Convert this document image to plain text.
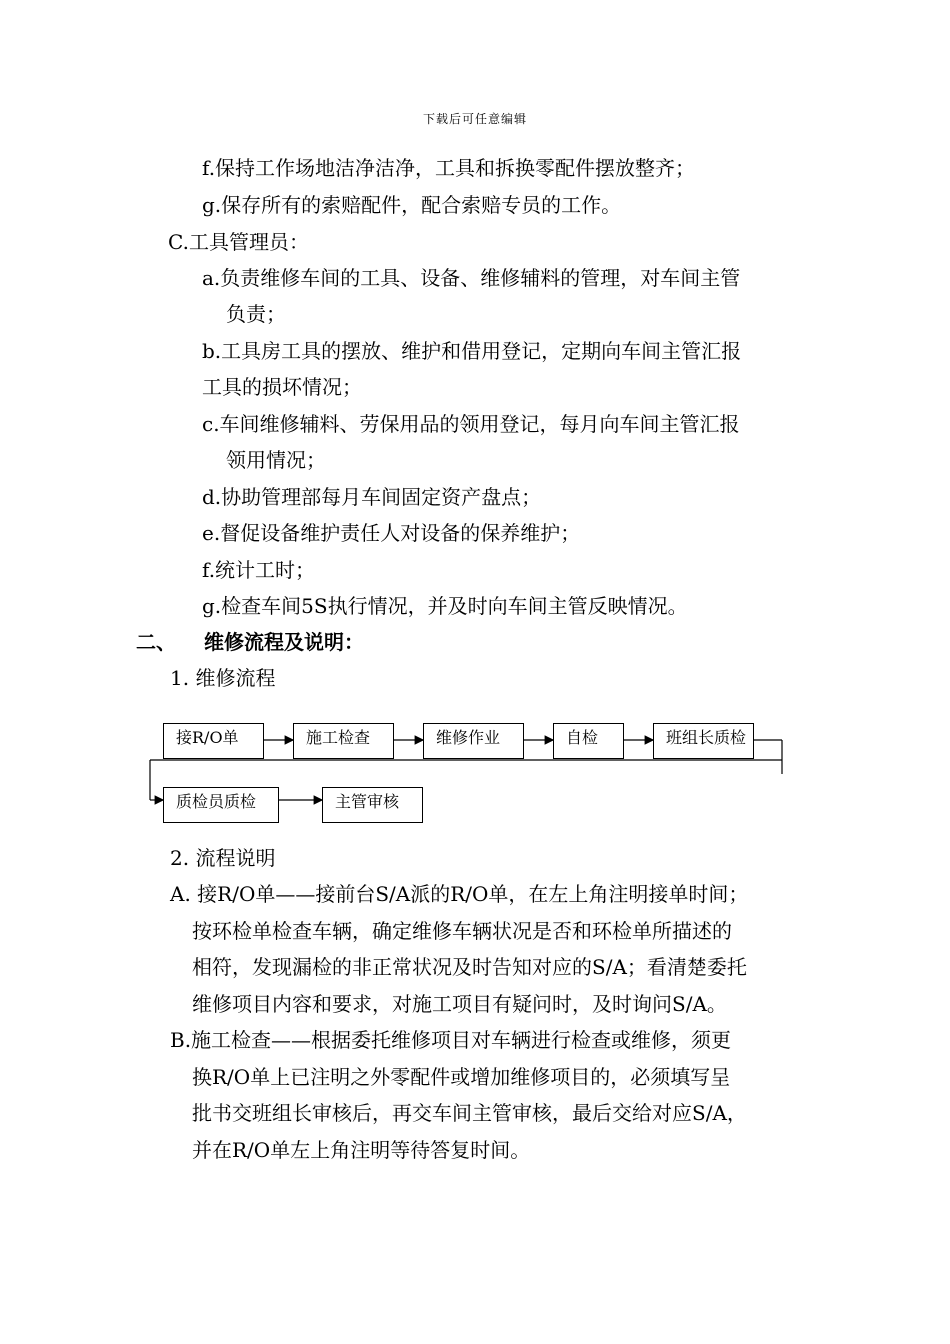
下载后可任意编辑
f.保持工作场地洁净洁净，工具和拆换零配件摆放整齐；
g.保存所有的索赔配件，配合索赔专员的工作。
C.工具管理员：
a.负责维修车间的工具、设备、维修辅料的管理，对车间主管
负责；
b.工具房工具的摆放、维护和借用登记，定期向车间主管汇报
工具的损坏情况；
c.车间维修辅料、劳保用品的领用登记，每月向车间主管汇报
领用情况；
d.协助管理部每月车间固定资产盘点；
e.督促设备维护责任人对设备的保养维护；
f.统计工时；
g.检查车间5S执行情况，并及时向车间主管反映情况。
二、 维修流程及说明：
1. 维修流程
接R/O单	施工检查	维修作业	自检	班组长质检
质检员质检	主管审核
2. 流程说明
A. 接R/O单——接前台S/A派的R/O单，在左上角注明接单时间；
按环检单检查车辆，确定维修车辆状况是否和环检单所描述的
相符，发现漏检的非正常状况及时告知对应的S/A；看清楚委托
维修项目内容和要求，对施工项目有疑问时，及时询问S/A。
B.施工检查——根据委托维修项目对车辆进行检查或维修，须更
换R/O单上已注明之外零配件或增加维修项目的，必须填写呈
批书交班组长审核后，再交车间主管审核，最后交给对应S/A，
并在R/O单左上角注明等待答复时间。
